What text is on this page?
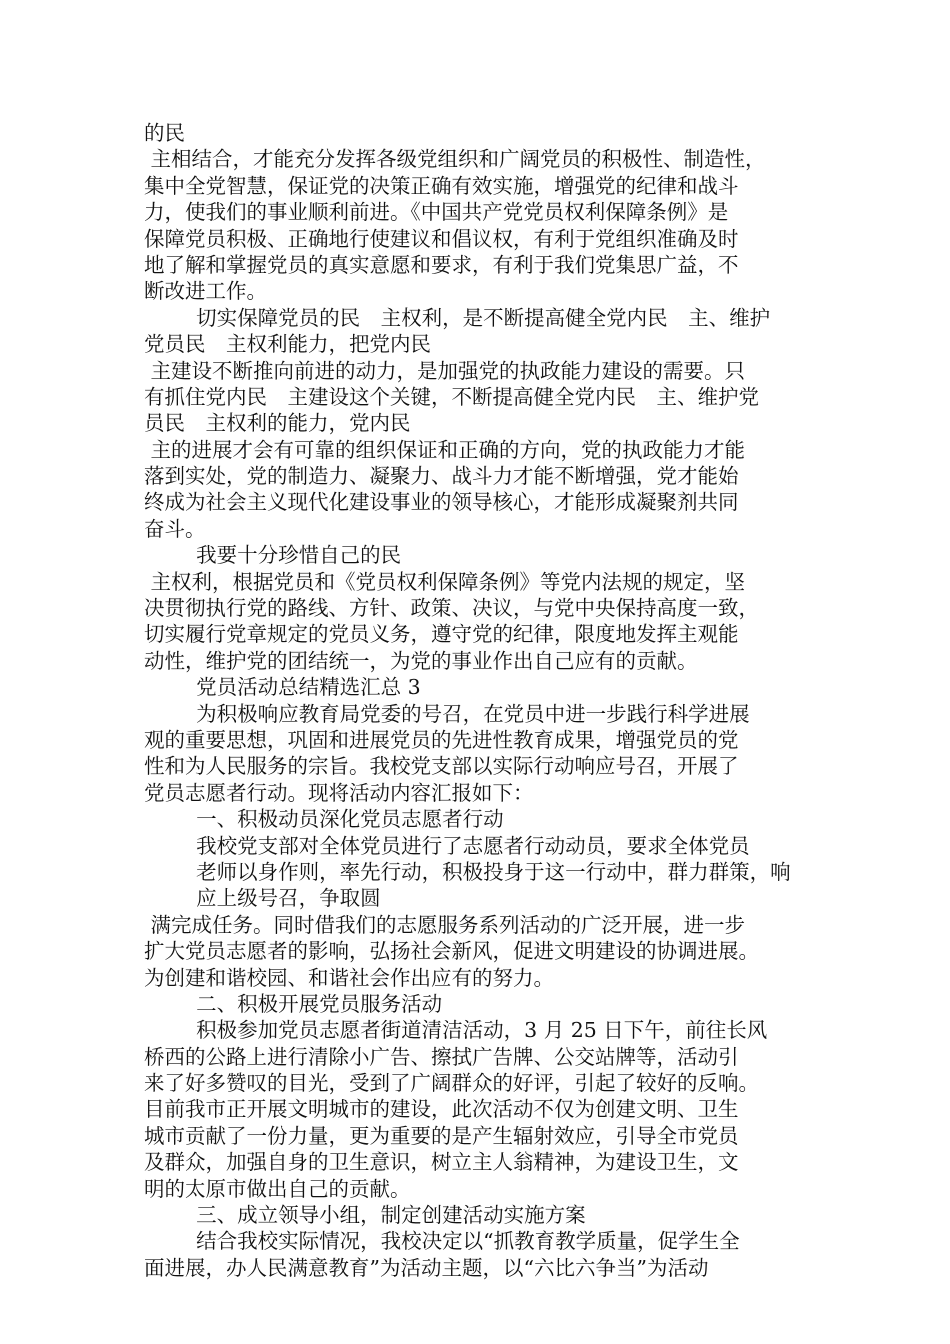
的民
主相结合，才能充分发挥各级党组织和广阔党员的积极性、制造性，
集中全党智慧，保证党的决策正确有效实施，增强党的纪律和战斗
力，使我们的事业顺利前进。《中国共产党党员权利保障条例》是
保障党员积极、正确地行使建议和倡议权，有利于党组织准确及时
地了解和掌握党员的真实意愿和要求，有利于我们党集思广益，不
断改进工作。
切实保障党员的民　主权利，是不断提高健全党内民　主、维护
党员民　主权利能力，把党内民
主建设不断推向前进的动力，是加强党的执政能力建设的需要。只
有抓住党内民　主建设这个关键，不断提高健全党内民　主、维护党
员民　主权利的能力，党内民
主的进展才会有可靠的组织保证和正确的方向，党的执政能力才能
落到实处，党的制造力、凝聚力、战斗力才能不断增强，党才能始
终成为社会主义现代化建设事业的领导核心，才能形成凝聚剂共同
奋斗。
我要十分珍惜自己的民
主权利，根据党员和《党员权利保障条例》等党内法规的规定，坚
决贯彻执行党的路线、方针、政策、决议，与党中央保持高度一致，
切实履行党章规定的党员义务，遵守党的纪律，限度地发挥主观能
动性，维护党的团结统一，为党的事业作出自己应有的贡献。
党员活动总结精选汇总 3
为积极响应教育局党委的号召，在党员中进一步践行科学进展
观的重要思想，巩固和进展党员的先进性教育成果，增强党员的党
性和为人民服务的宗旨。我校党支部以实际行动响应号召，开展了
党员志愿者行动。现将活动内容汇报如下：
一、积极动员深化党员志愿者行动
我校党支部对全体党员进行了志愿者行动动员，要求全体党员
老师以身作则，率先行动，积极投身于这一行动中，群力群策，响
应上级号召，争取圆
满完成任务。同时借我们的志愿服务系列活动的广泛开展，进一步
扩大党员志愿者的影响，弘扬社会新风，促进文明建设的协调进展。
为创建和谐校园、和谐社会作出应有的努力。
二、积极开展党员服务活动
积极参加党员志愿者街道清洁活动，3 月 25 日下午，前往长风
桥西的公路上进行清除小广告、擦拭广告牌、公交站牌等，活动引
来了好多赞叹的目光，受到了广阔群众的好评，引起了较好的反响。
目前我市正开展文明城市的建设，此次活动不仅为创建文明、卫生
城市贡献了一份力量，更为重要的是产生辐射效应，引导全市党员
及群众，加强自身的卫生意识，树立主人翁精神，为建设卫生，文
明的太原市做出自己的贡献。
三、成立领导小组，制定创建活动实施方案
结合我校实际情况，我校决定以“抓教育教学质量，促学生全
面进展，办人民满意教育”为活动主题，以“六比六争当”为活动
